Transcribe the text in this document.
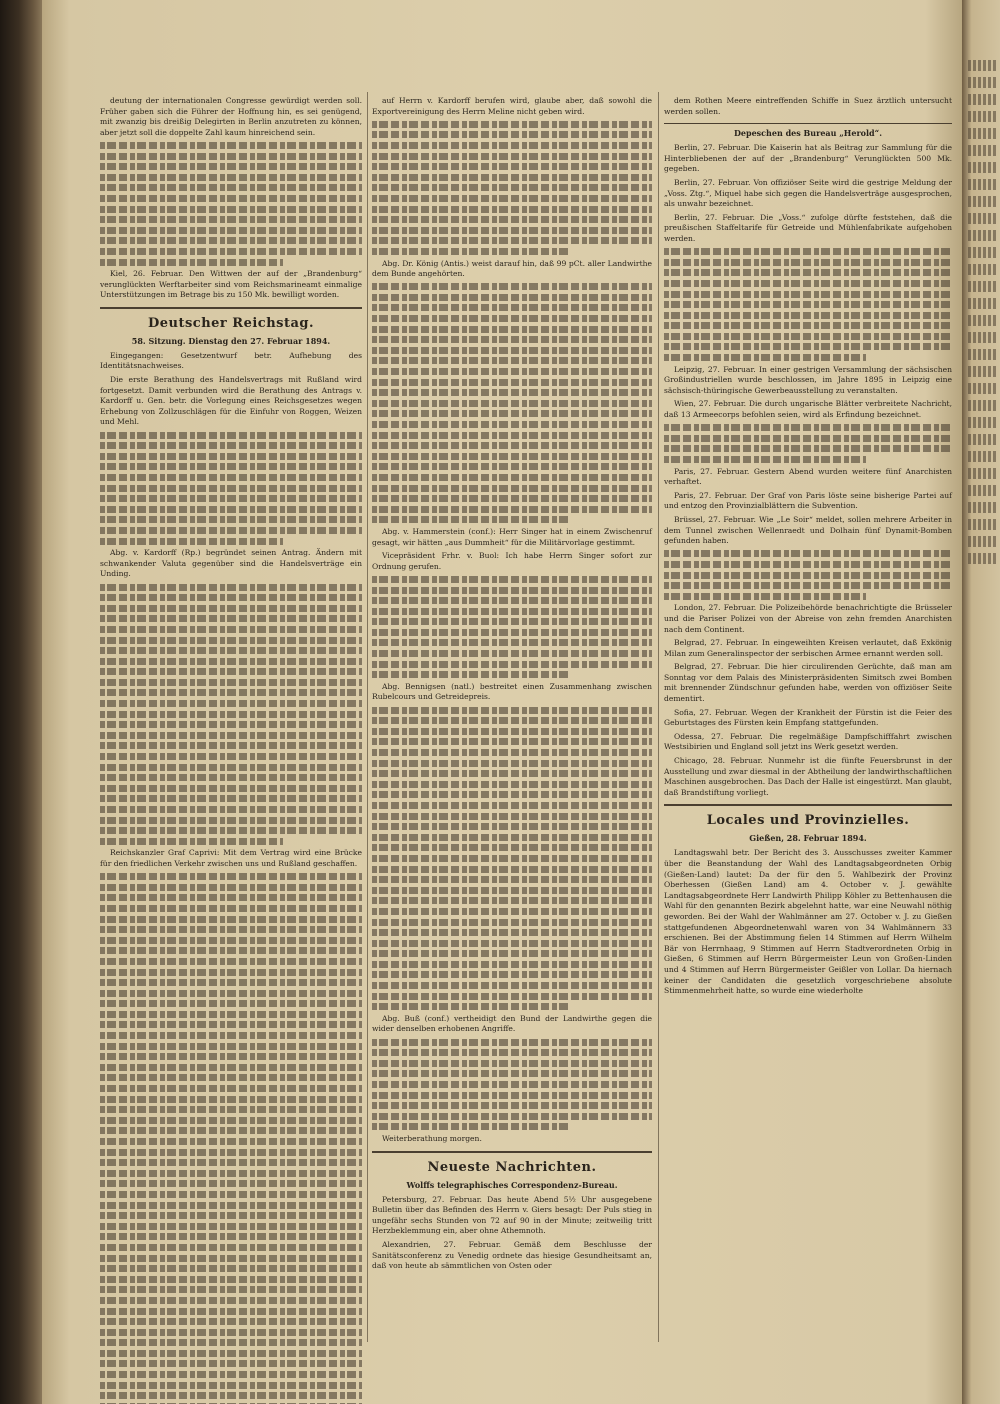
deutung der internationalen Congresse gewürdigt werden soll. Früher gaben sich die Führer der Hoffnung hin, es sei genügend, mit zwanzig bis dreißig Delegirten in Berlin anzutreten zu können, aber jetzt soll die doppelte Zahl kaum hinreichend sein.

Kiel, 26. Februar. Den Wittwen der auf der „Brandenburg“ verunglückten Werftarbeiter sind vom Reichsmarineamt einmalige Unterstützungen im Betrage bis zu 150 Mk. bewilligt worden.

Deutscher Reichstag.
58. Sitzung. Dienstag den 27. Februar 1894.

Eingegangen: Gesetzentwurf betr. Aufhebung des Identitätsnachweises.

Die erste Berathung des Handelsvertrags mit Rußland wird fortgesetzt. Damit verbunden wird die Berathung des Antrags v. Kardorff u. Gen. betr. die Vorlegung eines Reichsgesetzes wegen Erhebung von Zollzuschlägen für die Einfuhr von Roggen, Weizen und Mehl.

Abg. v. Kardorff (Rp.) begründet seinen Antrag. Ändern mit schwankender Valuta gegenüber sind die Handelsverträge ein Unding.

Reichskanzler Graf Caprivi: Mit dem Vertrag wird eine Brücke für den friedlichen Verkehr zwischen uns und Rußland geschaffen.

auf Herrn v. Kardorff berufen wird, glaube aber, daß sowohl die Exportvereinigung des Herrn Meline nicht geben wird.

Abg. Dr. König (Antis.) weist darauf hin, daß 99 pCt. aller Landwirthe dem Bunde angehörten.

Abg. v. Hammerstein (conf.): Herr Singer hat in einem Zwischenruf gesagt, wir hätten „aus Dummheit“ für die Militärvorlage gestimmt.

Vicepräsident Frhr. v. Buol: Ich habe Herrn Singer sofort zur Ordnung gerufen.

Abg. Bennigsen (natl.) bestreitet einen Zusammenhang zwischen Rubelcours und Getreidepreis.

Abg. Buß (conf.) vertheidigt den Bund der Landwirthe gegen die wider denselben erhobenen Angriffe.

Weiterberathung morgen.

Neueste Nachrichten.
Wolffs telegraphisches Correspondenz-Bureau.

Petersburg, 27. Februar. Das heute Abend 5½ Uhr ausgegebene Bulletin über das Befinden des Herrn v. Giers besagt: Der Puls stieg in ungefähr sechs Stunden von 72 auf 90 in der Minute; zeitweilig tritt Herzbeklemmung ein, aber ohne Athemnoth.

Alexandrien, 27. Februar. Gemäß dem Beschlusse der Sanitätsconferenz zu Venedig ordnete das hiesige Gesundheitsamt an, daß von heute ab sämmtlichen von Osten oder

dem Rothen Meere eintreffenden Schiffe in Suez ärztlich untersucht werden sollen.

Depeschen des Bureau „Herold“.

Berlin, 27. Februar. Die Kaiserin hat als Beitrag zur Sammlung für die Hinterbliebenen der auf der „Brandenburg“ Verunglückten 500 Mk. gegeben.

Berlin, 27. Februar. Von offiziöser Seite wird die gestrige Meldung der „Voss. Ztg.“, Miquel habe sich gegen die Handelsverträge ausgesprochen, als unwahr bezeichnet.

Berlin, 27. Februar. Die „Voss.“ zufolge dürfte feststehen, daß die preußischen Staffeltarife für Getreide und Mühlenfabrikate aufgehoben werden.

Leipzig, 27. Februar. In einer gestrigen Versammlung der sächsischen Großindustriellen wurde beschlossen, im Jahre 1895 in Leipzig eine sächsisch-thüringische Gewerbeausstellung zu veranstalten.

Wien, 27. Februar. Die durch ungarische Blätter verbreitete Nachricht, daß 13 Armeecorps befohlen seien, wird als Erfindung bezeichnet.

Paris, 27. Februar. Gestern Abend wurden weitere fünf Anarchisten verhaftet.

Paris, 27. Februar. Der Graf von Paris löste seine bisherige Partei auf und entzog den Provinzialblättern die Subvention.

Brüssel, 27. Februar. Wie „Le Soir“ meldet, sollen mehrere Arbeiter in dem Tunnel zwischen Wellenraedt und Dolhain fünf Dynamit-Bomben gefunden haben.

London, 27. Februar. Die Polizeibehörde benachrichtigte die Brüsseler und die Pariser Polizei von der Abreise von zehn fremden Anarchisten nach dem Continent.

Belgrad, 27. Februar. In eingeweihten Kreisen verlautet, daß Exkönig Milan zum Generalinspector der serbischen Armee ernannt werden soll.

Belgrad, 27. Februar. Die hier circulirenden Gerüchte, daß man am Sonntag vor dem Palais des Ministerpräsidenten Simitsch zwei Bomben mit brennender Zündschnur gefunden habe, werden von offiziöser Seite dementirt.

Sofia, 27. Februar. Wegen der Krankheit der Fürstin ist die Feier des Geburtstages des Fürsten kein Empfang stattgefunden.

Odessa, 27. Februar. Die regelmäßige Dampfschifffahrt zwischen Westsibirien und England soll jetzt ins Werk gesetzt werden.

Chicago, 28. Februar. Nunmehr ist die fünfte Feuersbrunst in der Ausstellung und zwar diesmal in der Abtheilung der landwirthschaftlichen Maschinen ausgebrochen. Das Dach der Halle ist eingestürzt. Man glaubt, daß Brandstiftung vorliegt.

Locales und Provinzielles.
Gießen, 28. Februar 1894.

Landtagswahl betr. Der Bericht des 3. Ausschusses zweiter Kammer über die Beanstandung der Wahl des Landtagsabgeordneten Orbig (Gießen-Land) lautet: Da der für den 5. Wahlbezirk der Provinz Oberhessen (Gießen Land) am 4. October v. J. gewählte Landtagsabgeordnete Herr Landwirth Philipp Köhler zu Bettenhausen die Wahl für den genannten Bezirk abgelehnt hatte, war eine Neuwahl nöthig geworden. Bei der Wahl der Wahlmänner am 27. October v. J. zu Gießen stattgefundenen Abgeordnetenwahl waren von 34 Wahlmännern 33 erschienen. Bei der Abstimmung fielen 14 Stimmen auf Herrn Wilhelm Bär von Herrnhaag, 9 Stimmen auf Herrn Stadtverordneten Orbig in Gießen, 6 Stimmen auf Herrn Bürgermeister Leun von Großen-Linden und 4 Stimmen auf Herrn Bürgermeister Geißler von Lollar. Da hiernach keiner der Candidaten die gesetzlich vorgeschriebene absolute Stimmenmehrheit hatte, so wurde eine wiederholte
